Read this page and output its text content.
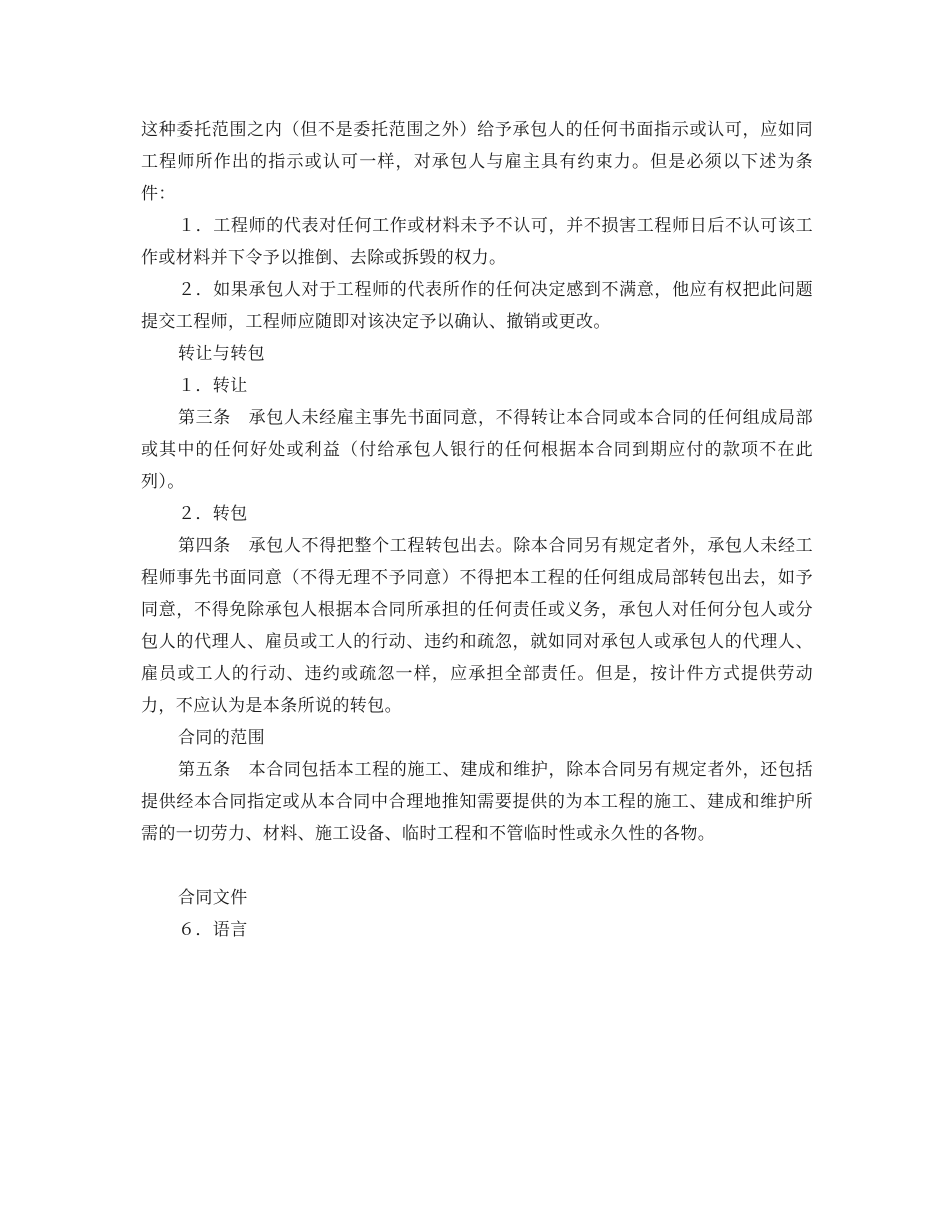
这种委托范围之内（但不是委托范围之外）给予承包人的任何书面指示或认可，应如同工程师所作出的指示或认可一样，对承包人与雇主具有约束力。但是必须以下述为条件：

１．工程师的代表对任何工作或材料未予不认可，并不损害工程师日后不认可该工作或材料并下令予以推倒、去除或拆毁的权力。

２．如果承包人对于工程师的代表所作的任何决定感到不满意，他应有权把此问题提交工程师，工程师应随即对该决定予以确认、撤销或更改。

转让与转包

１．转让

第三条　承包人未经雇主事先书面同意，不得转让本合同或本合同的任何组成局部或其中的任何好处或利益（付给承包人银行的任何根据本合同到期应付的款项不在此列）。

２．转包

第四条　承包人不得把整个工程转包出去。除本合同另有规定者外，承包人未经工程师事先书面同意（不得无理不予同意）不得把本工程的任何组成局部转包出去，如予同意，不得免除承包人根据本合同所承担的任何责任或义务，承包人对任何分包人或分包人的代理人、雇员或工人的行动、违约和疏忽，就如同对承包人或承包人的代理人、雇员或工人的行动、违约或疏忽一样，应承担全部责任。但是，按计件方式提供劳动力，不应认为是本条所说的转包。

合同的范围

第五条　本合同包括本工程的施工、建成和维护，除本合同另有规定者外，还包括提供经本合同指定或从本合同中合理地推知需要提供的为本工程的施工、建成和维护所需的一切劳力、材料、施工设备、临时工程和不管临时性或永久性的各物。

合同文件

６．语言
